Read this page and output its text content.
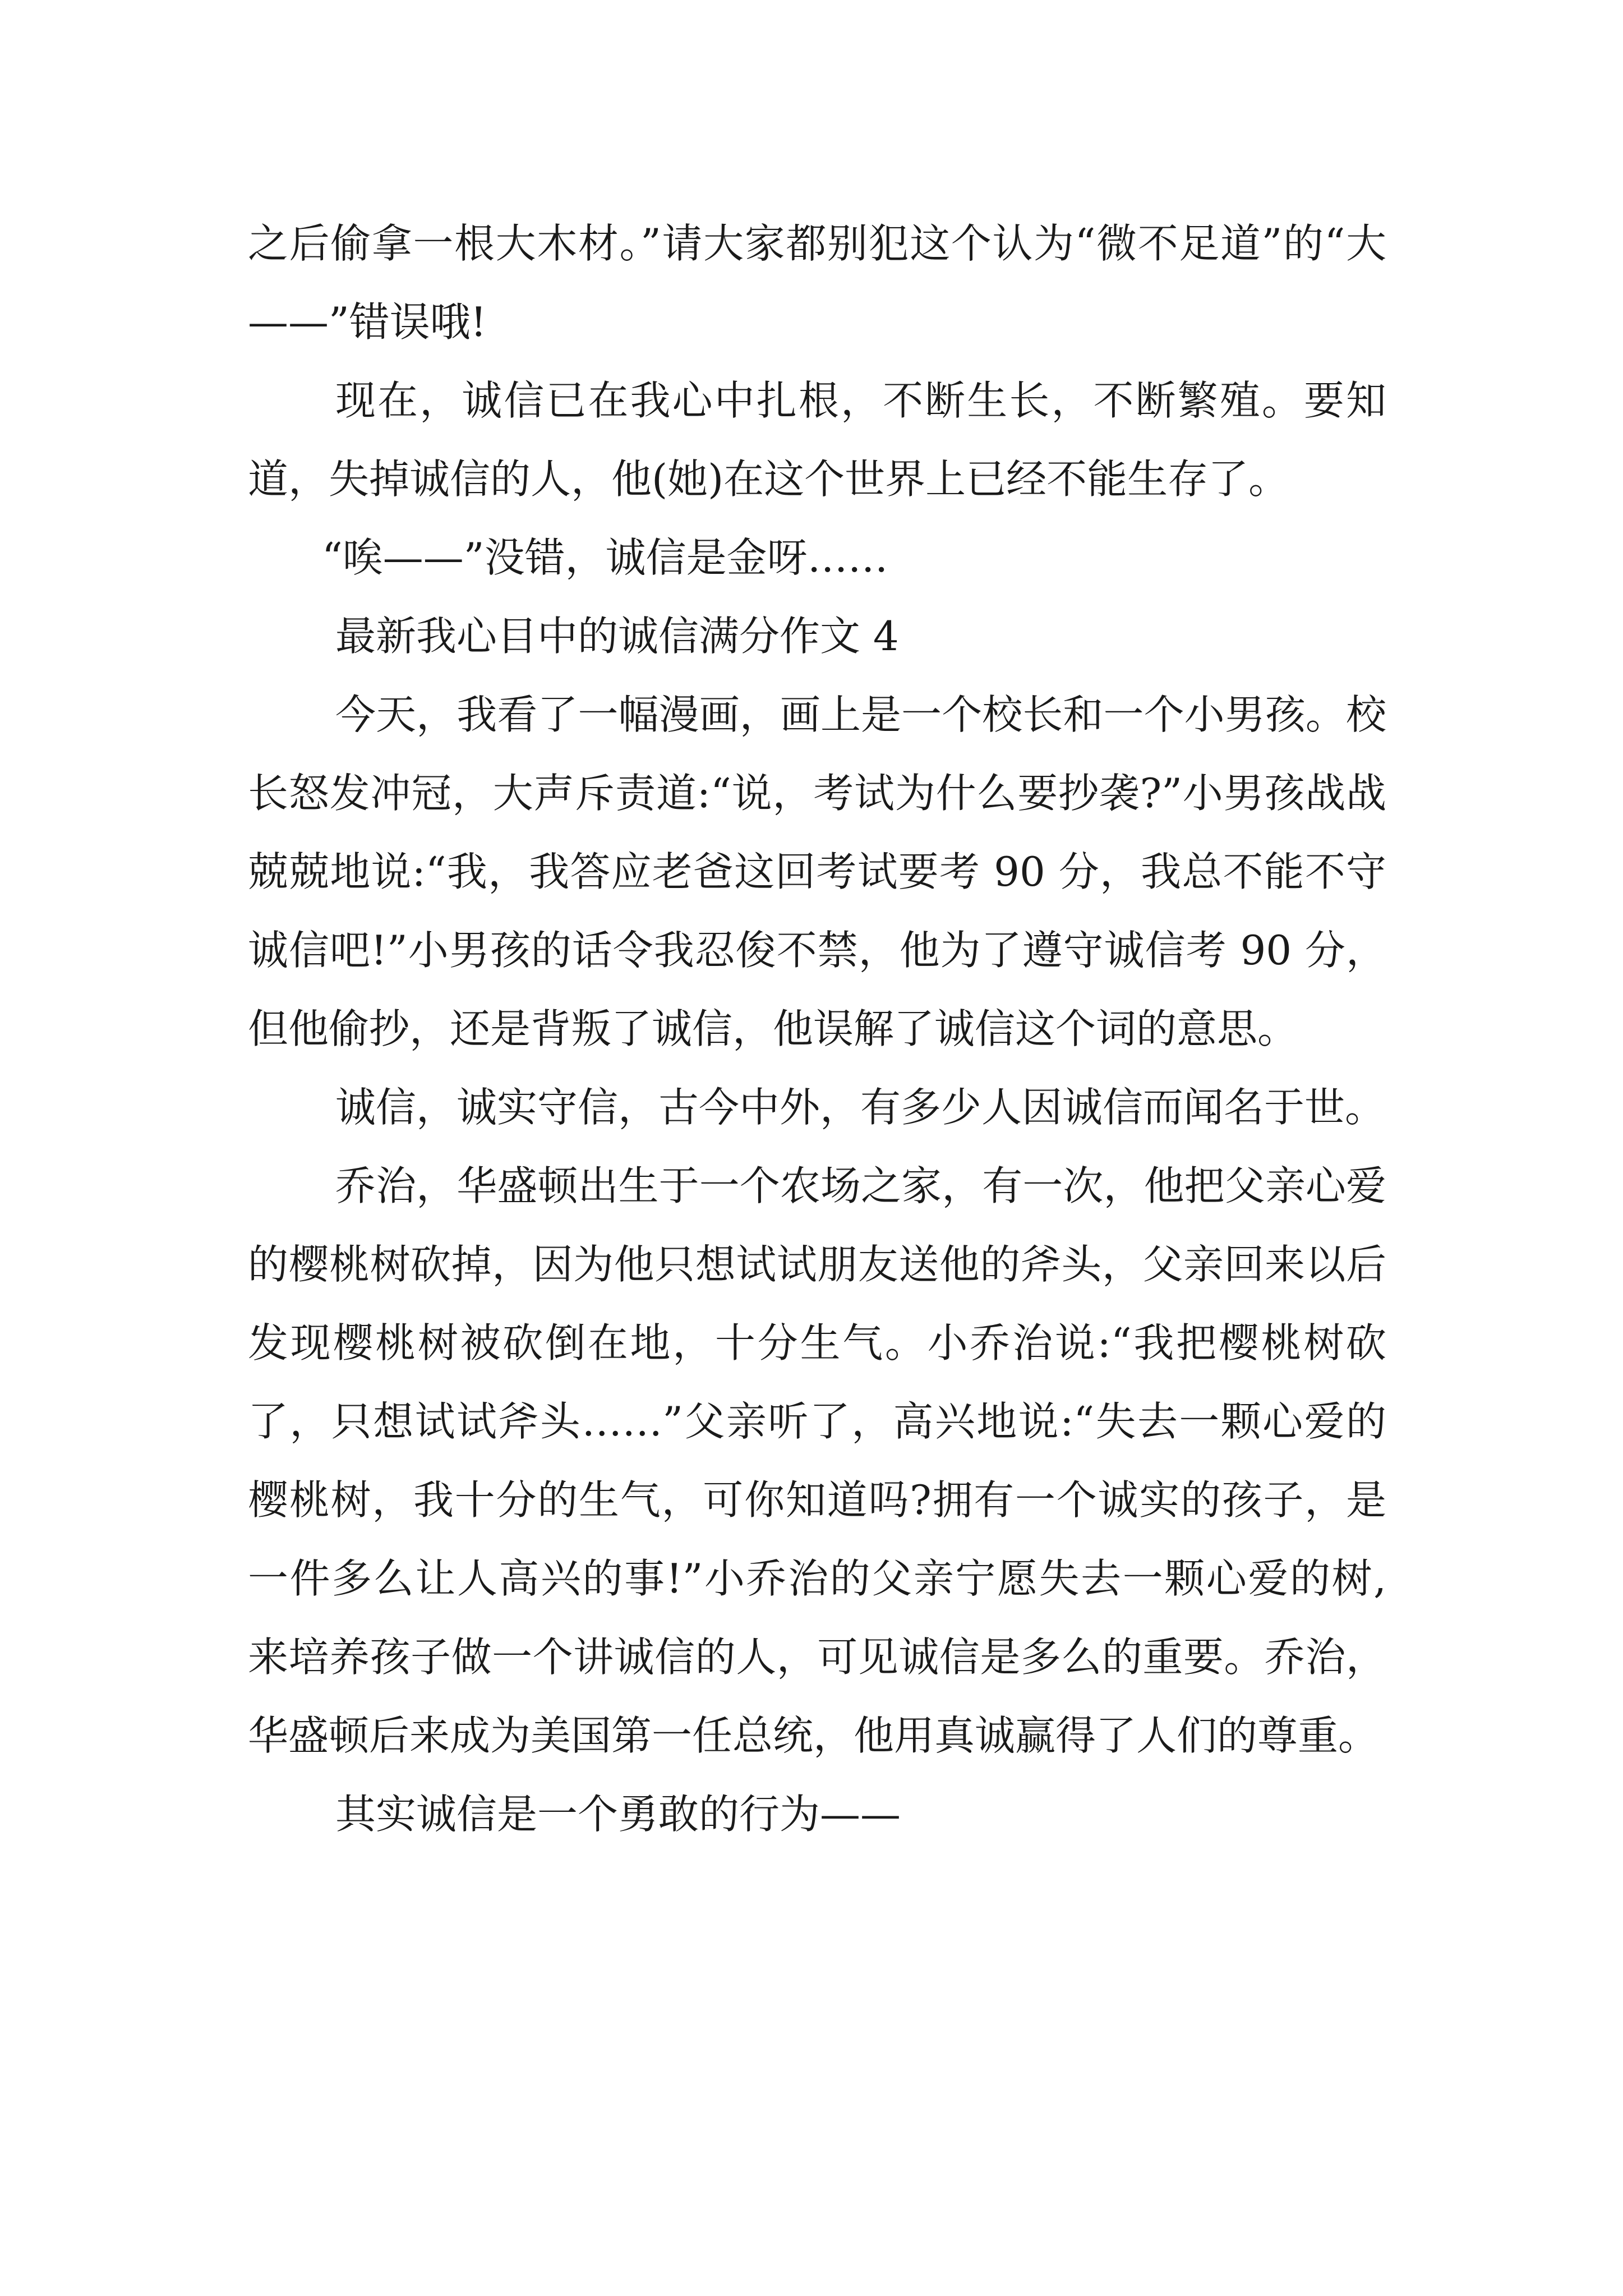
之后偷拿一根大木材。”请大家都别犯这个认为“微不足道”的“大——”错误哦!

现在，诚信已在我心中扎根，不断生长，不断繁殖。要知道，失掉诚信的人，他(她)在这个世界上已经不能生存了。

“唉——”没错，诚信是金呀……

最新我心目中的诚信满分作文 4

今天，我看了一幅漫画，画上是一个校长和一个小男孩。校长怒发冲冠，大声斥责道:“说，考试为什么要抄袭?”小男孩战战兢兢地说:“我，我答应老爸这回考试要考 90 分，我总不能不守诚信吧!”小男孩的话令我忍俊不禁，他为了遵守诚信考 90 分，但他偷抄，还是背叛了诚信，他误解了诚信这个词的意思。

诚信，诚实守信，古今中外，有多少人因诚信而闻名于世。

乔治，华盛顿出生于一个农场之家，有一次，他把父亲心爱的樱桃树砍掉，因为他只想试试朋友送他的斧头，父亲回来以后发现樱桃树被砍倒在地，十分生气。小乔治说:“我把樱桃树砍了，只想试试斧头……”父亲听了，高兴地说:“失去一颗心爱的樱桃树，我十分的生气，可你知道吗?拥有一个诚实的孩子，是一件多么让人高兴的事!”小乔治的父亲宁愿失去一颗心爱的树,来培养孩子做一个讲诚信的人，可见诚信是多么的重要。乔治，华盛顿后来成为美国第一任总统，他用真诚赢得了人们的尊重。

其实诚信是一个勇敢的行为——
